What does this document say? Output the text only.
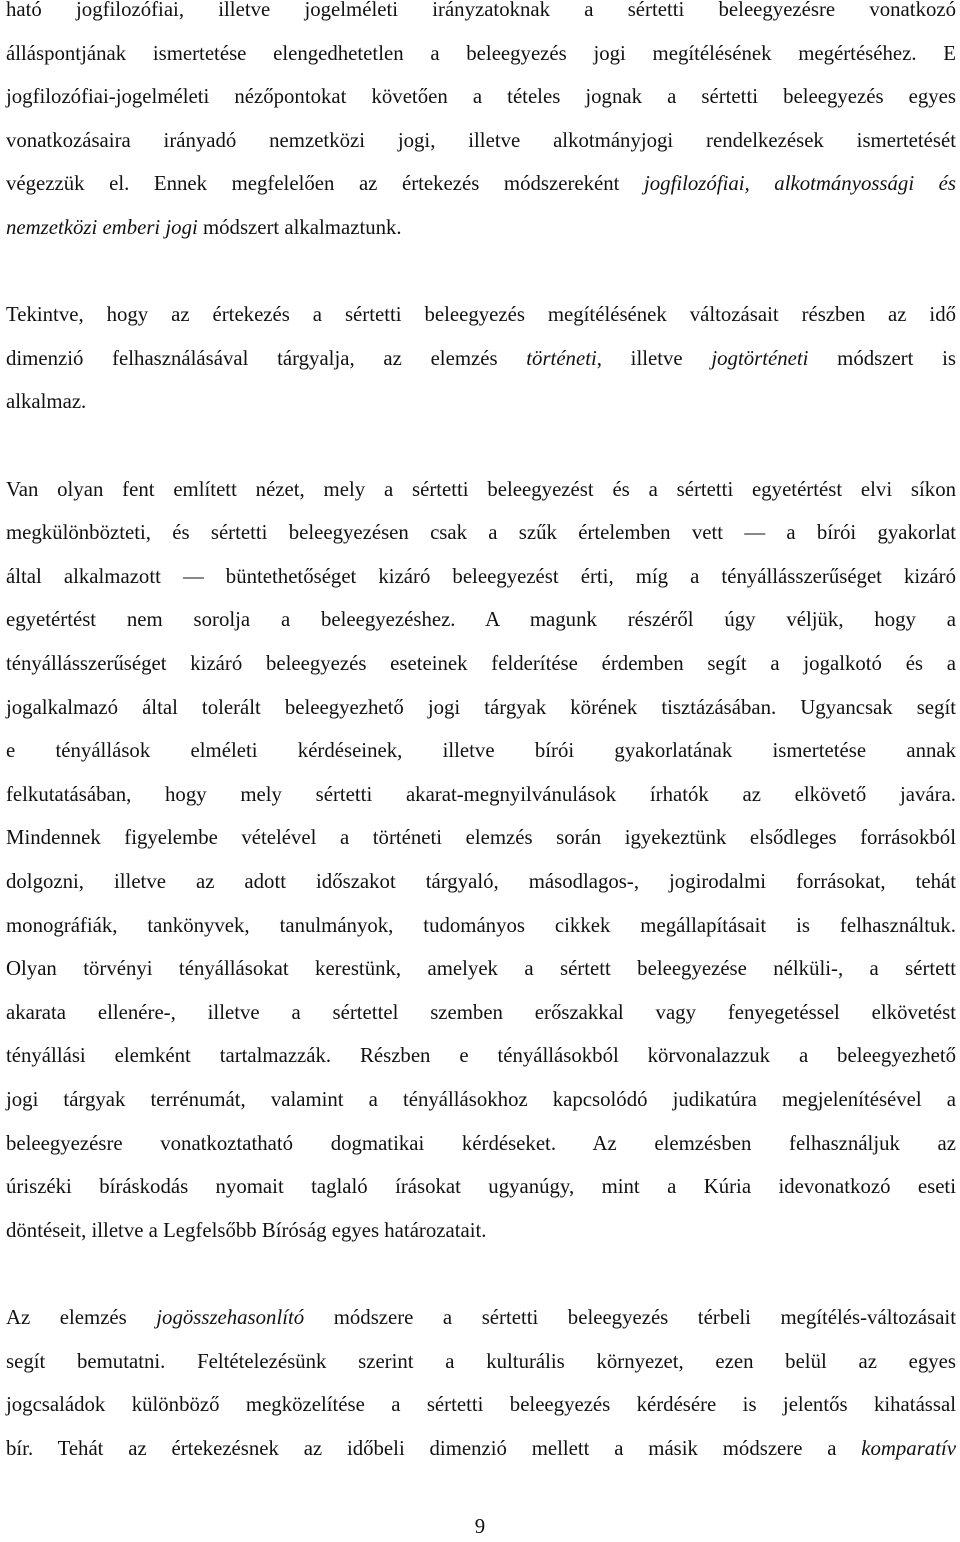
ható jogfilozófiai, illetve jogelméleti irányzatoknak a sértetti beleegyezésre vonatkozó
álláspontjának ismertetése elengedhetetlen a beleegyezés jogi megítélésének megértéséhez. E
jogfilozófiai-jogelméleti nézőpontokat követően a tételes jognak a sértetti beleegyezés egyes
vonatkozásaira irányadó nemzetközi jogi, illetve alkotmányjogi rendelkezések ismertetését
végezzük el. Ennek megfelelően az értekezés módszereként jogfilozófiai, alkotmányossági és
nemzetközi emberi jogi módszert alkalmaztunk.
Tekintve, hogy az értekezés a sértetti beleegyezés megítélésének változásait részben az idő
dimenzió felhasználásával tárgyalja, az elemzés történeti, illetve jogtörténeti módszert is
alkalmaz.
Van olyan fent említett nézet, mely a sértetti beleegyezést és a sértetti egyetértést elvi síkon
megkülönbözteti, és sértetti beleegyezésen csak a szűk értelemben vett — a bírói gyakorlat
által alkalmazott — büntethetőséget kizáró beleegyezést érti, míg a tényállásszerűséget kizáró
egyetértést nem sorolja a beleegyezéshez. A magunk részéről úgy véljük, hogy a
tényállásszerűséget kizáró beleegyezés eseteinek felderítése érdemben segít a jogalkotó és a
jogalkalmazó által tolerált beleegyezhető jogi tárgyak körének tisztázásában. Ugyancsak segít
e tényállások elméleti kérdéseinek, illetve bírói gyakorlatának ismertetése annak
felkutatásában, hogy mely sértetti akarat-megnyilvánulások írhatók az elkövető javára.
Mindennek figyelembe vételével a történeti elemzés során igyekeztünk elsődleges forrásokból
dolgozni, illetve az adott időszakot tárgyaló, másodlagos-, jogirodalmi forrásokat, tehát
monográfiák, tankönyvek, tanulmányok, tudományos cikkek megállapításait is felhasználtuk.
Olyan törvényi tényállásokat kerestünk, amelyek a sértett beleegyezése nélküli-, a sértett
akarata ellenére-, illetve a sértettel szemben erőszakkal vagy fenyegetéssel elkövetést
tényállási elemként tartalmazzák. Részben e tényállásokból körvonalazzuk a beleegyezhető
jogi tárgyak terrénumát, valamint a tényállásokhoz kapcsolódó judikatúra megjelenítésével a
beleegyezésre vonatkoztatható dogmatikai kérdéseket. Az elemzésben felhasználjuk az
úriszéki bíráskodás nyomait taglaló írásokat ugyanúgy, mint a Kúria idevonatkozó eseti
döntéseit, illetve a Legfelsőbb Bíróság egyes határozatait.
Az elemzés jogösszehasonlító módszere a sértetti beleegyezés térbeli megítélés-változásait
segít bemutatni. Feltételezésünk szerint a kulturális környezet, ezen belül az egyes
jogcsaládok különböző megközelítése a sértetti beleegyezés kérdésére is jelentős kihatással
bír. Tehát az értekezésnek az időbeli dimenzió mellett a másik módszere a komparatív
9
